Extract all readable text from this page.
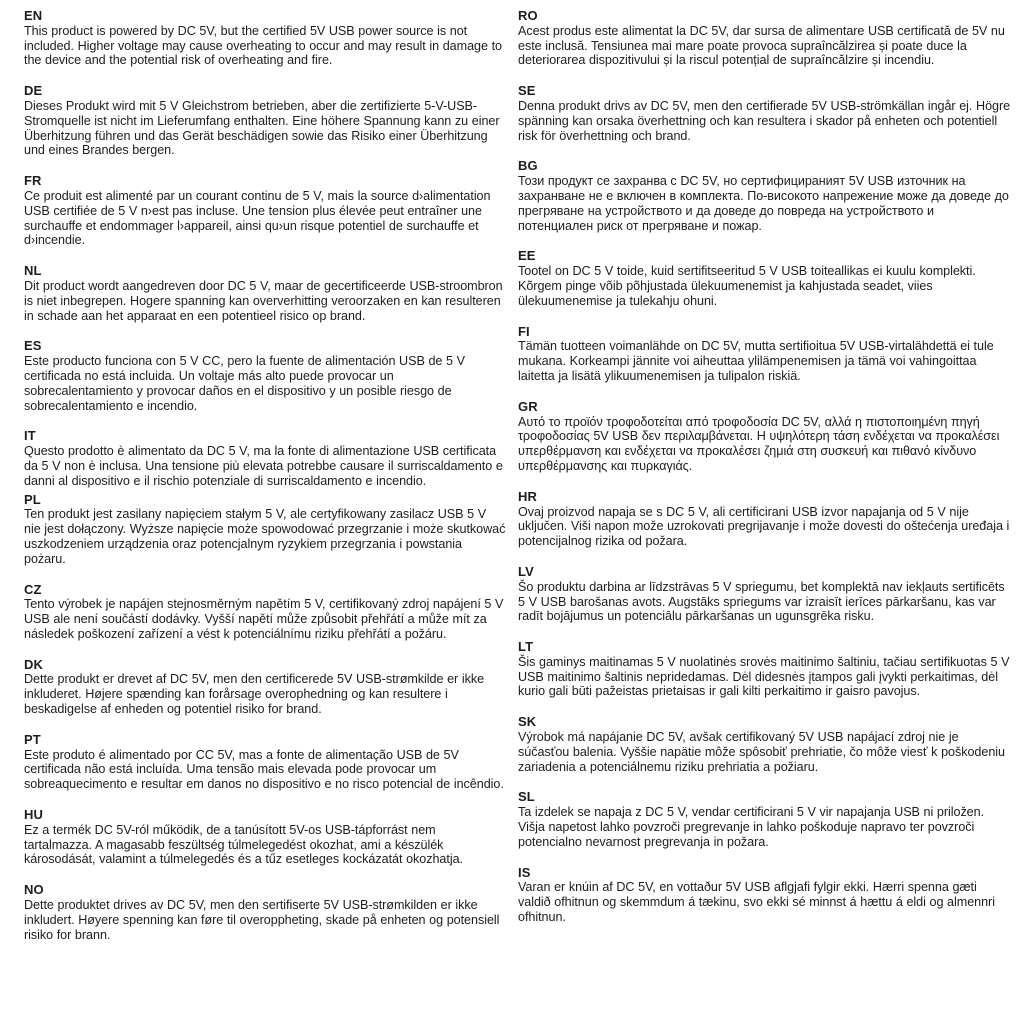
EN
This product is powered by DC 5V, but the certified 5V USB power source is not included. Higher voltage may cause overheating to occur and may result in damage to the device and the potential risk of overheating and fire.
DE
Dieses Produkt wird mit 5 V Gleichstrom betrieben, aber die zertifizierte 5-V-USB-Stromquelle ist nicht im Lieferumfang enthalten. Eine höhere Spannung kann zu einer Überhitzung führen und das Gerät beschädigen sowie das Risiko einer Überhitzung und eines Brandes bergen.
FR
Ce produit est alimenté par un courant continu de 5 V, mais la source d›alimentation USB certifiée de 5 V n›est pas incluse. Une tension plus élevée peut entraîner une surchauffe et endommager l›appareil, ainsi qu›un risque potentiel de surchauffe et d›incendie.
NL
Dit product wordt aangedreven door DC 5 V, maar de gecertificeerde USB-stroombron is niet inbegrepen. Hogere spanning kan oververhitting veroorzaken en kan resulteren in schade aan het apparaat en een potentieel risico op brand.
ES
Este producto funciona con 5 V CC, pero la fuente de alimentación USB de 5 V certificada no está incluida. Un voltaje más alto puede provocar un sobrecalentamiento y provocar daños en el dispositivo y un posible riesgo de sobrecalentamiento e incendio.
IT
Questo prodotto è alimentato da DC 5 V, ma la fonte di alimentazione USB certificata da 5 V non è inclusa. Una tensione più elevata potrebbe causare il surriscaldamento e danni al dispositivo e il rischio potenziale di surriscaldamento e incendio.
PL
Ten produkt jest zasilany napięciem stałym 5 V, ale certyfikowany zasilacz USB 5 V nie jest dołączony. Wyższe napięcie może spowodować przegrzanie i może skutkować uszkodzeniem urządzenia oraz potencjalnym ryzykiem przegrzania i powstania pożaru.
CZ
Tento výrobek je napájen stejnosměrným napětím 5 V, certifikovaný zdroj napájení 5 V USB ale není součástí dodávky. Vyšší napětí může způsobit přehřátí a může mít za následek poškození zařízení a vést k potenciálnímu riziku přehřátí a požáru.
DK
Dette produkt er drevet af DC 5V, men den certificerede 5V USB-strømkilde er ikke inkluderet. Højere spænding kan forårsage overophedning og kan resultere i beskadigelse af enheden og potentiel risiko for brand.
PT
Este produto é alimentado por CC 5V, mas a fonte de alimentação USB de 5V certificada não está incluída. Uma tensão mais elevada pode provocar um sobreaquecimento e resultar em danos no dispositivo e no risco potencial de incêndio.
HU
Ez a termék DC 5V-ról működik, de a tanúsított 5V-os USB-tápforrást nem tartalmazza. A magasabb feszültség túlmelegedést okozhat, ami a készülék károsodását, valamint a túlmelegedés és a tűz esetleges kockázatát okozhatja.
NO
Dette produktet drives av DC 5V, men den sertifiserte 5V USB-strømkilden er ikke inkludert. Høyere spenning kan føre til overoppheting, skade på enheten og potensiell risiko for brann.
RO
Acest produs este alimentat la DC 5V, dar sursa de alimentare USB certificată de 5V nu este inclusă. Tensiunea mai mare poate provoca supraîncălzirea și poate duce la deteriorarea dispozitivului și la riscul potențial de supraîncălzire și incendiu.
SE
Denna produkt drivs av DC 5V, men den certifierade 5V USB-strömkällan ingår ej. Högre spänning kan orsaka överhettning och kan resultera i skador på enheten och potentiell risk för överhettning och brand.
BG
Този продукт се захранва с DC 5V, но сертифицираният 5V USB източник на захранване не е включен в комплекта. По-високото напрежение може да доведе до прегряване на устройството и да доведе до повреда на устройството и потенциален риск от прегряване и пожар.
EE
Tootel on DC 5 V toide, kuid sertifitseeritud 5 V USB toiteallikas ei kuulu komplekti. Kõrgem pinge võib põhjustada ülekuumenemist ja kahjustada seadet, viies ülekuumenemise ja tulekahju ohuni.
FI
Tämän tuotteen voimanlähde on DC 5V, mutta sertifioitua 5V USB-virtalähdettä ei tule mukana. Korkeampi jännite voi aiheuttaa ylilämpenemisen ja tämä voi vahingoittaa laitetta ja lisätä ylikuumenemisen ja tulipalon riskiä.
GR
Αυτό το προϊόν τροφοδοτείται από τροφοδοσία DC 5V, αλλά η πιστοποιημένη πηγή τροφοδοσίας 5V USB δεν περιλαμβάνεται. Η υψηλότερη τάση ενδέχεται να προκαλέσει υπερθέρμανση και ενδέχεται να προκαλέσει ζημιά στη συσκευή και πιθανό κίνδυνο υπερθέρμανσης και πυρκαγιάς.
HR
Ovaj proizvod napaja se s DC 5 V, ali certificirani USB izvor napajanja od 5 V nije uključen. Viši napon može uzrokovati pregrijavanje i može dovesti do oštećenja uređaja i potencijalnog rizika od požara.
LV
Šo produktu darbina ar līdzstrāvas 5 V spriegumu, bet komplektā nav iekļauts sertificēts 5 V USB barošanas avots. Augstāks spriegums var izraisīt ierīces pārkaršanu, kas var radīt bojājumus un potenciālu pārkaršanas un ugunsgrēka risku.
LT
Šis gaminys maitinamas 5 V nuolatinės srovės maitinimo šaltiniu, tačiau sertifikuotas 5 V USB maitinimo šaltinis nepridedamas. Dėl didesnės įtampos gali įvykti perkaitimas, dėl kurio gali būti pažeistas prietaisas ir gali kilti perkaitimo ir gaisro pavojus.
SK
Výrobok má napájanie DC 5V, avšak certifikovaný 5V USB napájací zdroj nie je súčasťou balenia. Vyššie napätie môže spôsobiť prehriatie, čo môže viesť k poškodeniu zariadenia a potenciálnemu riziku prehriatia a požiaru.
SL
Ta izdelek se napaja z DC 5 V, vendar certificirani 5 V vir napajanja USB ni priložen. Višja napetost lahko povzroči pregrevanje in lahko poškoduje napravo ter povzroči potencialno nevarnost pregrevanja in požara.
IS
Varan er knúin af DC 5V, en vottaður 5V USB aflgjafi fylgir ekki. Hærri spenna gæti valdið ofhitnun og skemmdum á tækinu, svo ekki sé minnst á hættu á eldi og almennri ofhitnun.
